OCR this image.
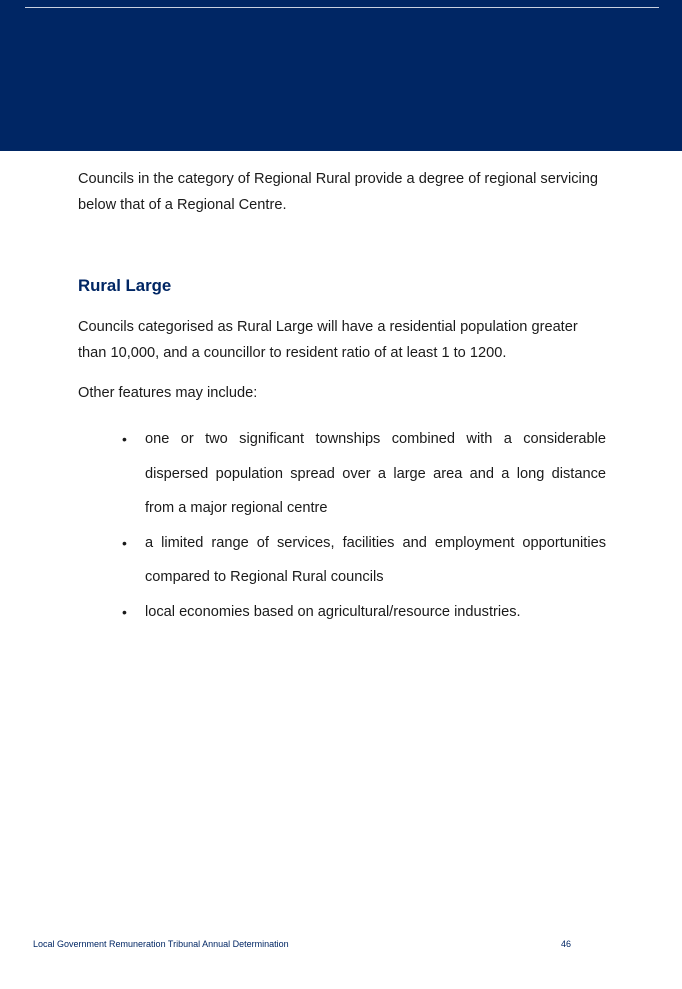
Councils in the category of Regional Rural provide a degree of regional servicing below that of a Regional Centre.

Rural Large

Councils categorised as Rural Large will have a residential population greater than 10,000, and a councillor to resident ratio of at least 1 to 1200.

Other features may include:

• one or two significant townships combined with a considerable dispersed population spread over a large area and a long distance from a major regional centre
• a limited range of services, facilities and employment opportunities compared to Regional Rural councils
• local economies based on agricultural/resource industries.
Local Government Remuneration Tribunal Annual Determination	46
